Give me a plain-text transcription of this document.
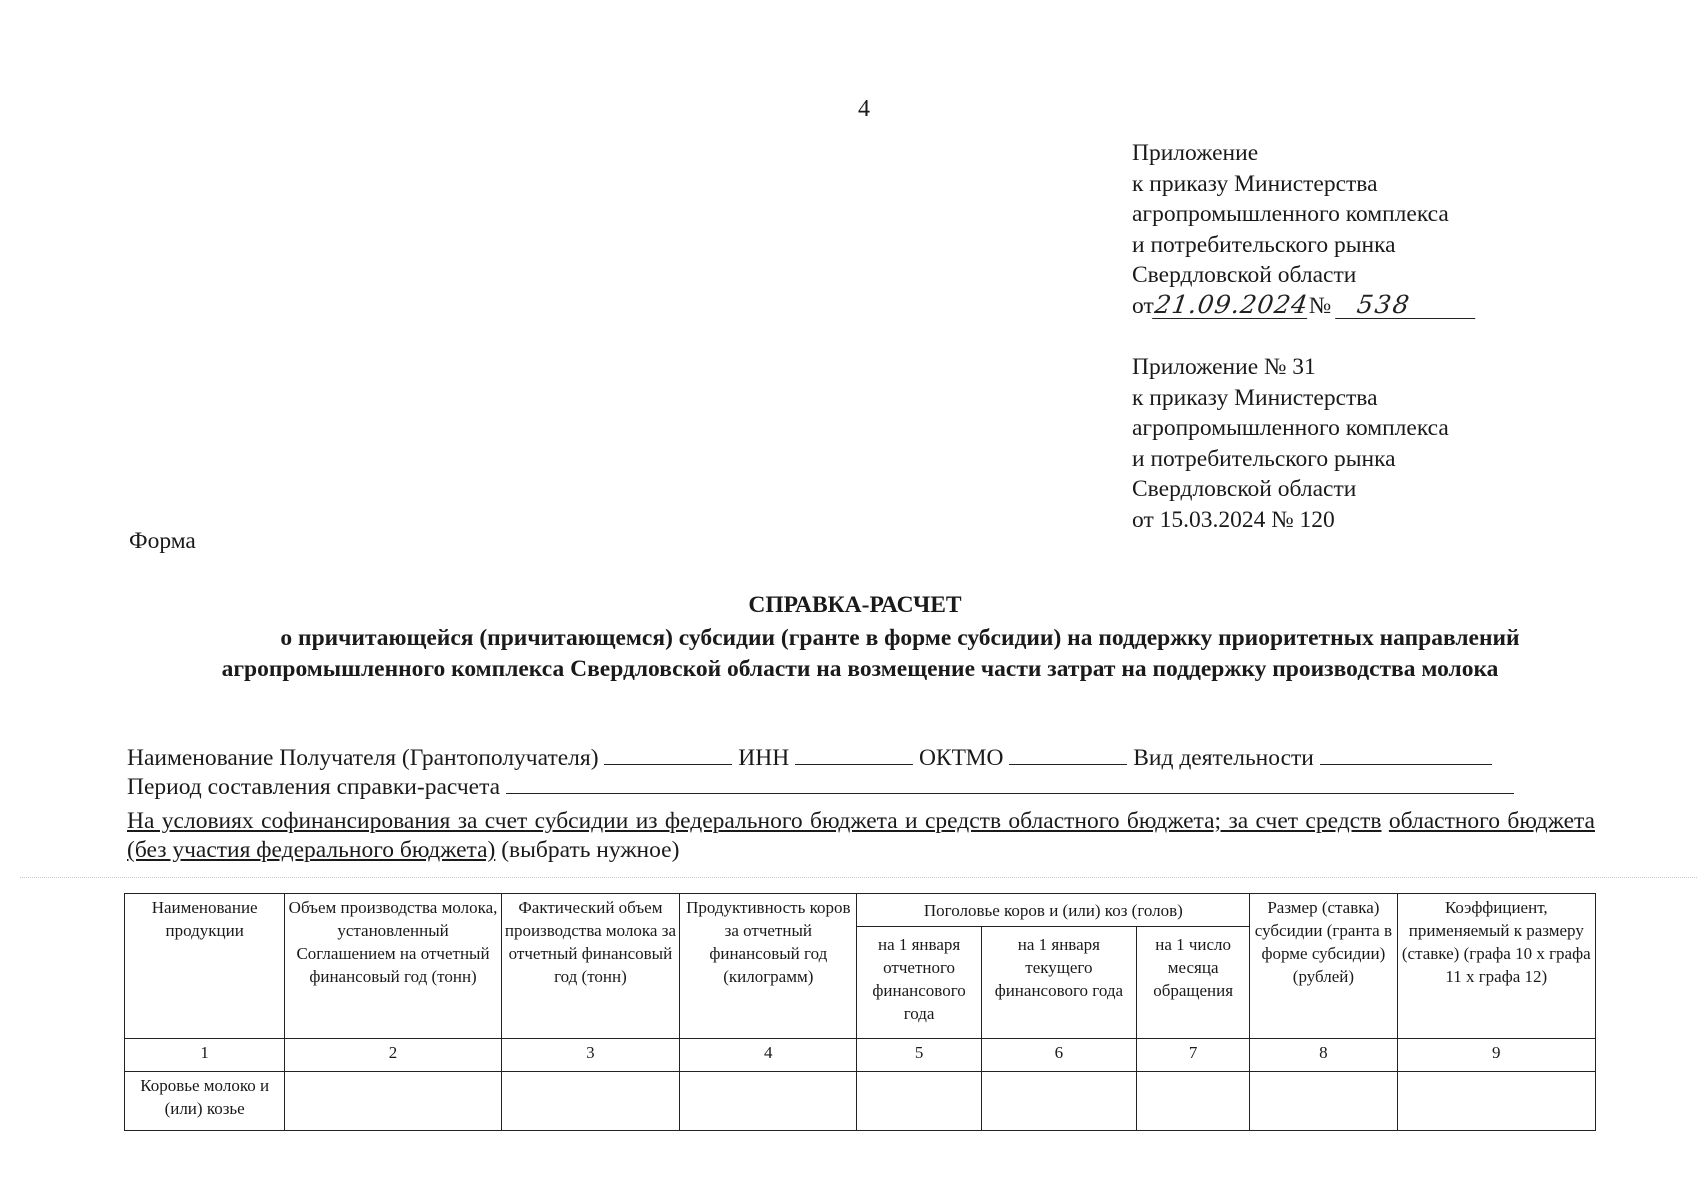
4
Приложение
к приказу Министерства
агропромышленного комплекса
и потребительского рынка
Свердловской области
от21.09.2024№ 538
Приложение № 31
к приказу Министерства
агропромышленного комплекса
и потребительского рынка
Свердловской области
от 15.03.2024 № 120
Форма
СПРАВКА-РАСЧЕТ
о причитающейся (причитающемся) субсидии (гранте в форме субсидии) на поддержку приоритетных направлений
агропромышленного комплекса Свердловской области на возмещение части затрат на поддержку производства молока
Наименование Получателя (Грантополучателя)	ИНН	ОКТМО	Вид деятельности
Период составления справки-расчета
На условиях софинансирования за счет субсидии из федерального бюджета и средств областного бюджета; за счет средств областного бюджета (без участия федерального бюджета) (выбрать нужное)
Наименование продукции	Объем производства молока, установленный Соглашением на отчетный финансовый год (тонн)	Фактический объем производства молока за отчетный финансовый год (тонн)	Продуктивность коров за отчетный финансовый год (килограмм)	Поголовье коров и (или) коз (голов)			Размер (ставка) субсидии (гранта в форме субсидии) (рублей)	Коэффициент, применяемый к размеру (ставке) (графа 10 х графа 11 х графа 12)
				на 1 января отчетного финансового года	на 1 января текущего финансового года	на 1 число месяца обращения		
1	2	3	4	5	6	7	8	9
Коровье молоко и (или) козье								
